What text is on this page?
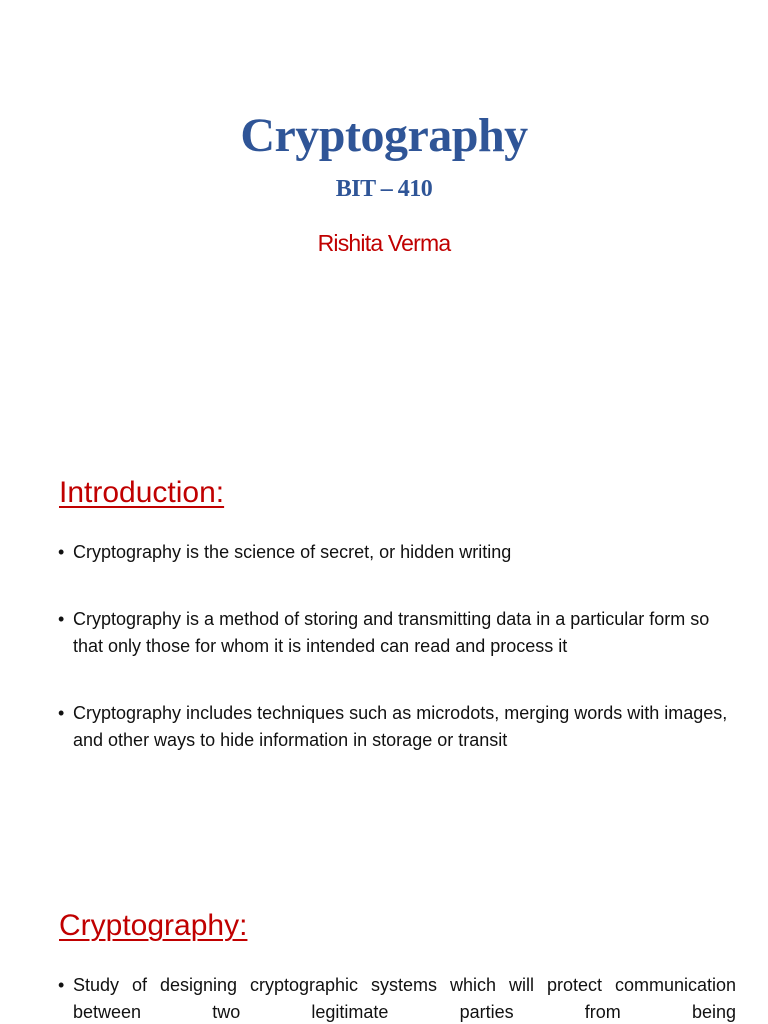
Cryptography
BIT – 410
Rishita Verma
Introduction:
• Cryptography is the science of secret, or hidden writing
• Cryptography is a method of storing and transmitting data in a particular form so that only those for whom it is intended can read and process it
• Cryptography includes techniques such as microdots, merging words with images, and other ways to hide information in storage or transit
Cryptography:
• Study of designing cryptographic systems which will protect communication between two legitimate parties from being
